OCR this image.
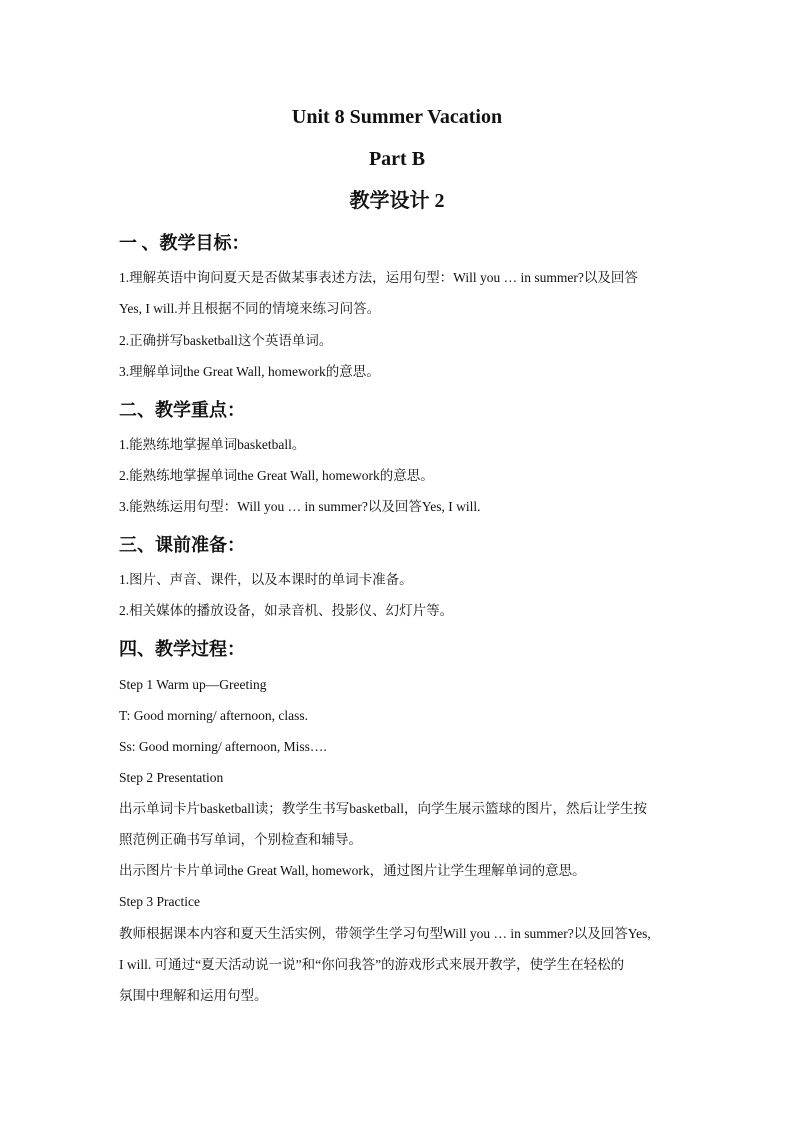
Unit 8 Summer Vacation
Part B
教学设计 2
一 、教学目标：
1.理解英语中询问夏天是否做某事表述方法，运用句型：Will you … in summer?以及回答
Yes, I will.并且根据不同的情境来练习问答。
2.正确拼写basketball这个英语单词。
3.理解单词the Great Wall, homework的意思。
二、教学重点：
1.能熟练地掌握单词basketball。
2.能熟练地掌握单词the Great Wall, homework的意思。
3.能熟练运用句型：Will you … in summer?以及回答Yes, I will.
三、课前准备：
1.图片、声音、课件，以及本课时的单词卡准备。
2.相关媒体的播放设备，如录音机、投影仪、幻灯片等。
四、教学过程：
Step 1 Warm up—Greeting
T: Good morning/ afternoon, class.
Ss: Good morning/ afternoon, Miss….
Step 2 Presentation
出示单词卡片basketball读；教学生书写basketball，向学生展示篮球的图片，然后让学生按
照范例正确书写单词，个别检查和辅导。
出示图片卡片单词the Great Wall, homework，通过图片让学生理解单词的意思。
Step 3 Practice
教师根据课本内容和夏天生活实例，带领学生学习句型Will you … in summer?以及回答Yes,
I will. 可通过“夏天活动说一说”和“你问我答”的游戏形式来展开教学，使学生在轻松的
氛围中理解和运用句型。
